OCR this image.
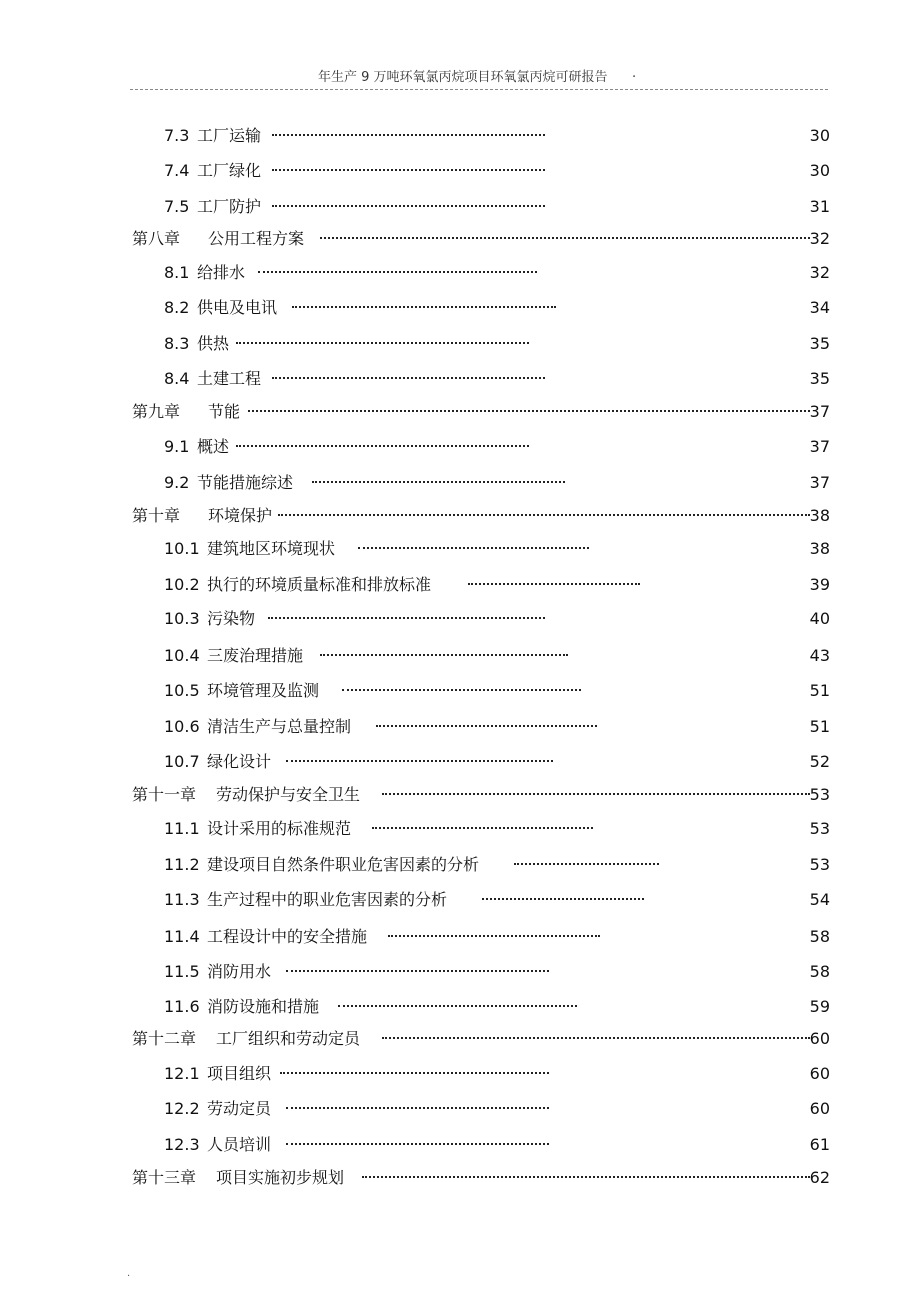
年生产 9 万吨环氧氯丙烷项目环氧氯丙烷可研报告 .
7.3 工厂运输	30
7.4 工厂绿化	30
7.5 工厂防护	31
第八章 公用工程方案	32
8.1 给排水	32
8.2 供电及电讯	34
8.3 供热	35
8.4 土建工程	35
第九章 节能	37
9.1 概述	37
9.2 节能措施综述	37
第十章 环境保护	38
10.1 建筑地区环境现状	38
10.2 执行的环境质量标准和排放标准	39
10.3 污染物	40
10.4 三废治理措施	43
10.5 环境管理及监测	51
10.6 清洁生产与总量控制	51
10.7 绿化设计	52
第十一章 劳动保护与安全卫生	53
11.1 设计采用的标准规范	53
11.2 建设项目自然条件职业危害因素的分析	53
11.3 生产过程中的职业危害因素的分析	54
11.4 工程设计中的安全措施	58
11.5 消防用水	58
11.6 消防设施和措施	59
第十二章 工厂组织和劳动定员	60
12.1 项目组织	60
12.2 劳动定员	60
12.3 人员培训	61
第十三章 项目实施初步规划	62
.
